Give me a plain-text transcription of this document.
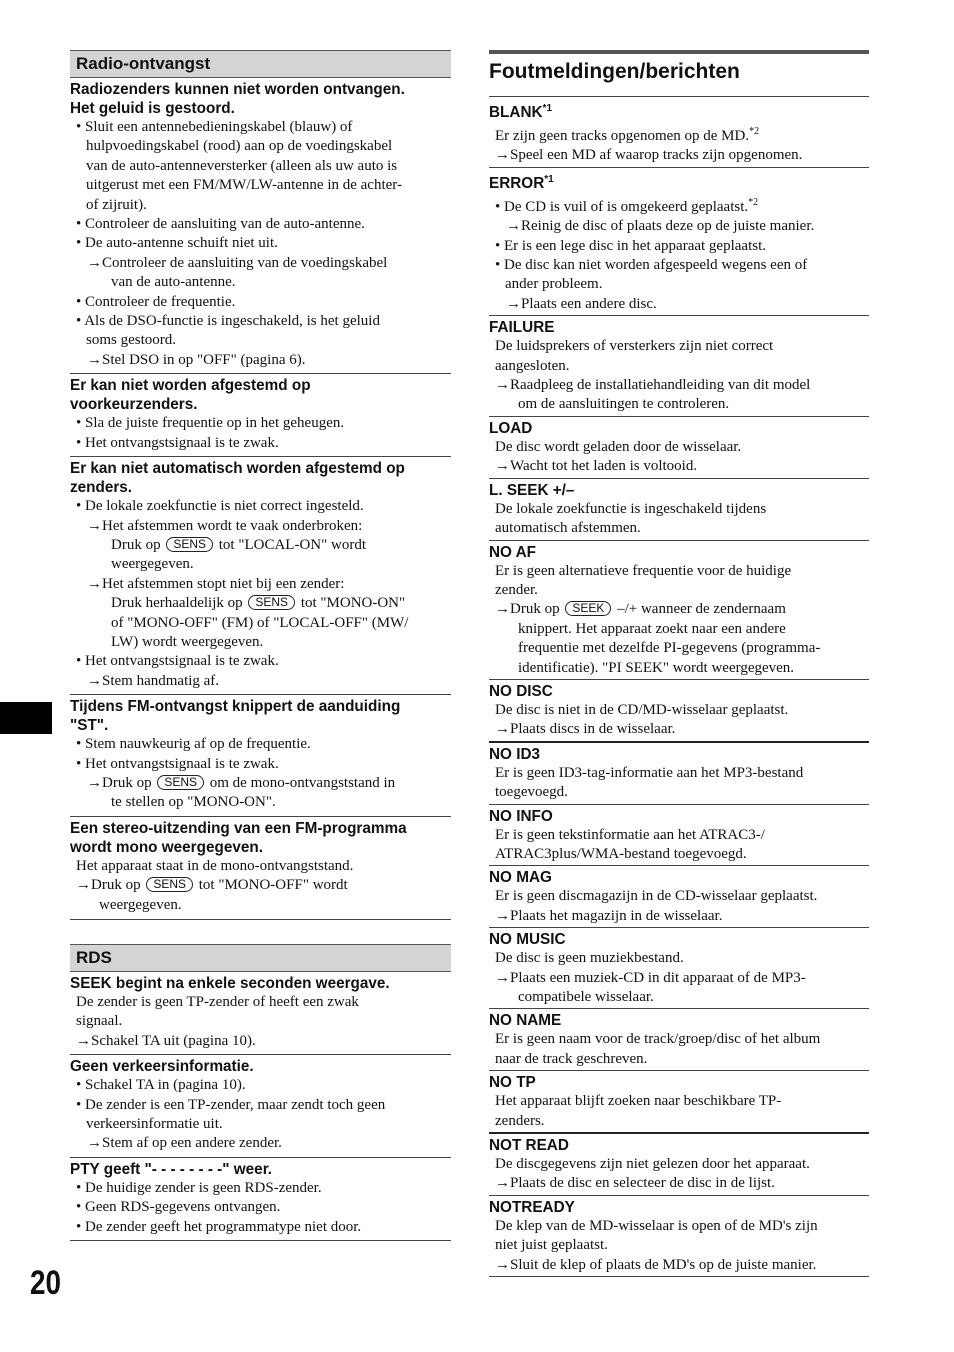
Radio-ontvangst
Radiozenders kunnen niet worden ontvangen.
Het geluid is gestoord.
• Sluit een antennebedieningskabel (blauw) of
hulpvoedingskabel (rood) aan op de voedingskabel
van de auto-antenneversterker (alleen als uw auto is
uitgerust met een FM/MW/LW-antenne in de achter-
of zijruit).
• Controleer de aansluiting van de auto-antenne.
• De auto-antenne schuift niet uit.
→Controleer de aansluiting van de voedingskabel
van de auto-antenne.
• Controleer de frequentie.
• Als de DSO-functie is ingeschakeld, is het geluid
soms gestoord.
→Stel DSO in op "OFF" (pagina 6).
Er kan niet worden afgestemd op
voorkeurzenders.
• Sla de juiste frequentie op in het geheugen.
• Het ontvangstsignaal is te zwak.
Er kan niet automatisch worden afgestemd op
zenders.
• De lokale zoekfunctie is niet correct ingesteld.
→Het afstemmen wordt te vaak onderbroken:
Druk op SENS tot "LOCAL-ON" wordt
weergegeven.
→Het afstemmen stopt niet bij een zender:
Druk herhaaldelijk op SENS tot "MONO-ON"
of "MONO-OFF" (FM) of "LOCAL-OFF" (MW/
LW) wordt weergegeven.
• Het ontvangstsignaal is te zwak.
→Stem handmatig af.
Tijdens FM-ontvangst knippert de aanduiding
"ST".
• Stem nauwkeurig af op de frequentie.
• Het ontvangstsignaal is te zwak.
→Druk op SENS om de mono-ontvangststand in
te stellen op "MONO-ON".
Een stereo-uitzending van een FM-programma
wordt mono weergegeven.
Het apparaat staat in de mono-ontvangststand.
→Druk op SENS tot "MONO-OFF" wordt
weergegeven.
RDS
SEEK begint na enkele seconden weergave.
De zender is geen TP-zender of heeft een zwak
signaal.
→Schakel TA uit (pagina 10).
Geen verkeersinformatie.
• Schakel TA in (pagina 10).
• De zender is een TP-zender, maar zendt toch geen
verkeersinformatie uit.
→Stem af op een andere zender.
PTY geeft "- - - - - - - -" weer.
• De huidige zender is geen RDS-zender.
• Geen RDS-gegevens ontvangen.
• De zender geeft het programmatype niet door.
Foutmeldingen/berichten
BLANK$^{*1}$
Er zijn geen tracks opgenomen op de MD.$^{*2}$
→Speel een MD af waarop tracks zijn opgenomen.
ERROR$^{*1}$
• De CD is vuil of is omgekeerd geplaatst.$^{*2}$
→Reinig de disc of plaats deze op de juiste manier.
• Er is een lege disc in het apparaat geplaatst.
• De disc kan niet worden afgespeeld wegens een of
ander probleem.
→Plaats een andere disc.
FAILURE
De luidsprekers of versterkers zijn niet correct
aangesloten.
→Raadpleeg de installatiehandleiding van dit model
om de aansluitingen te controleren.
LOAD
De disc wordt geladen door de wisselaar.
→Wacht tot het laden is voltooid.
L. SEEK +/–
De lokale zoekfunctie is ingeschakeld tijdens
automatisch afstemmen.
NO AF
Er is geen alternatieve frequentie voor de huidige
zender.
→Druk op SEEK –/+ wanneer de zendernaam
knippert. Het apparaat zoekt naar een andere
frequentie met dezelfde PI-gegevens (programma-
identificatie). "PI SEEK" wordt weergegeven.
NO DISC
De disc is niet in de CD/MD-wisselaar geplaatst.
→Plaats discs in de wisselaar.
NO ID3
Er is geen ID3-tag-informatie aan het MP3-bestand
toegevoegd.
NO INFO
Er is geen tekstinformatie aan het ATRAC3-/
ATRAC3plus/WMA-bestand toegevoegd.
NO MAG
Er is geen discmagazijn in de CD-wisselaar geplaatst.
→Plaats het magazijn in de wisselaar.
NO MUSIC
De disc is geen muziekbestand.
→Plaats een muziek-CD in dit apparaat of de MP3-
compatibele wisselaar.
NO NAME
Er is geen naam voor de track/groep/disc of het album
naar de track geschreven.
NO TP
Het apparaat blijft zoeken naar beschikbare TP-
zenders.
NOT READ
De discgegevens zijn niet gelezen door het apparaat.
→Plaats de disc en selecteer de disc in de lijst.
NOTREADY
De klep van de MD-wisselaar is open of de MD's zijn
niet juist geplaatst.
→Sluit de klep of plaats de MD's op de juiste manier.
20
